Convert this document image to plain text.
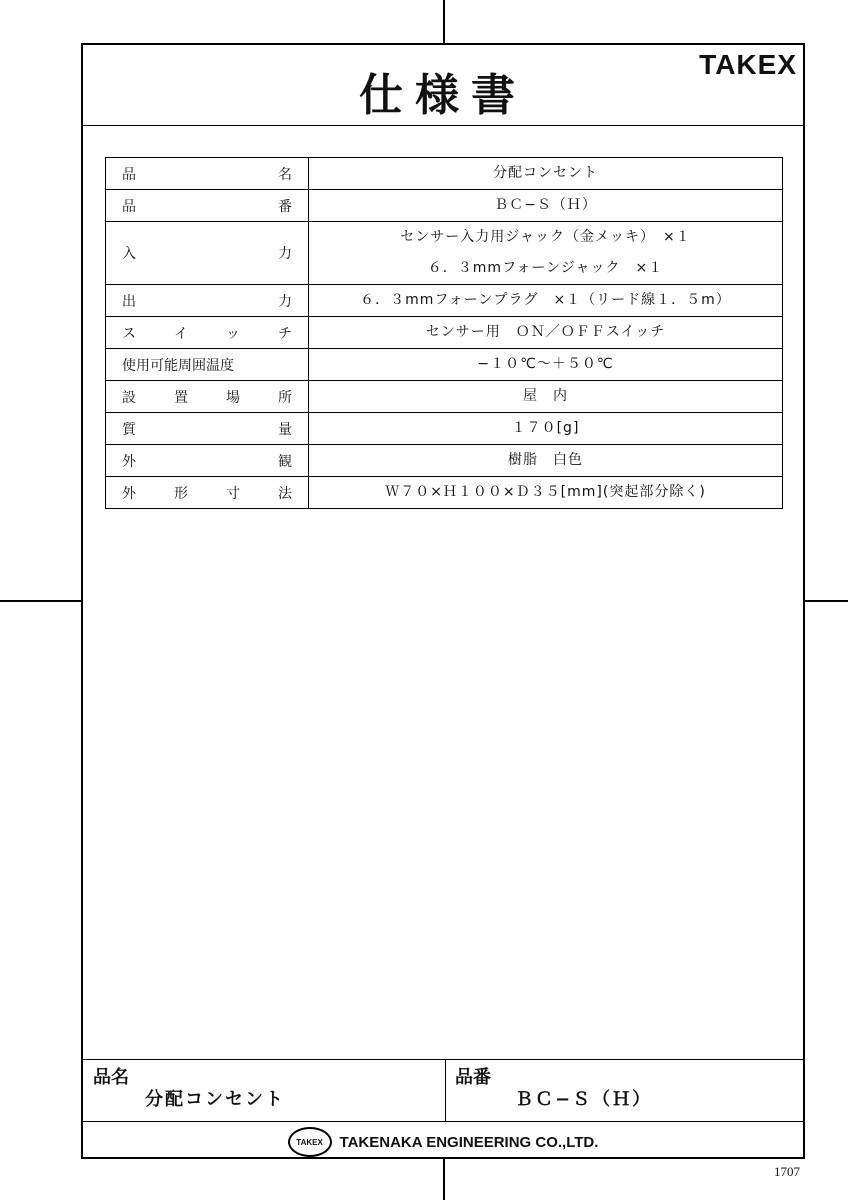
仕様書
TAKEX
品 名	分配コンセント

品 番	ＢＣ−Ｓ（Ｈ）

入 力	センサー入力用ジャック（金メッキ）　×１
６．３mmフォーンジャック　×１

出 力	６．３mmフォーンプラグ　×１（リード線１．５m）

ス イ ッ チ	センサー用　ＯＮ／ＯＦＦスイッチ

使用可能周囲温度	−１０℃〜＋５０℃

設 置 場 所	屋　内

質 量	１７０[g]

外 観	樹脂　白色

外 形 寸 法	Ｗ７０×Ｈ１００×Ｄ３５[mm](突起部分除く)
品名
分配コンセント
品番
ＢＣ−Ｓ（Ｈ）
TAKEX TAKENAKA ENGINEERING CO.,LTD.
1707
